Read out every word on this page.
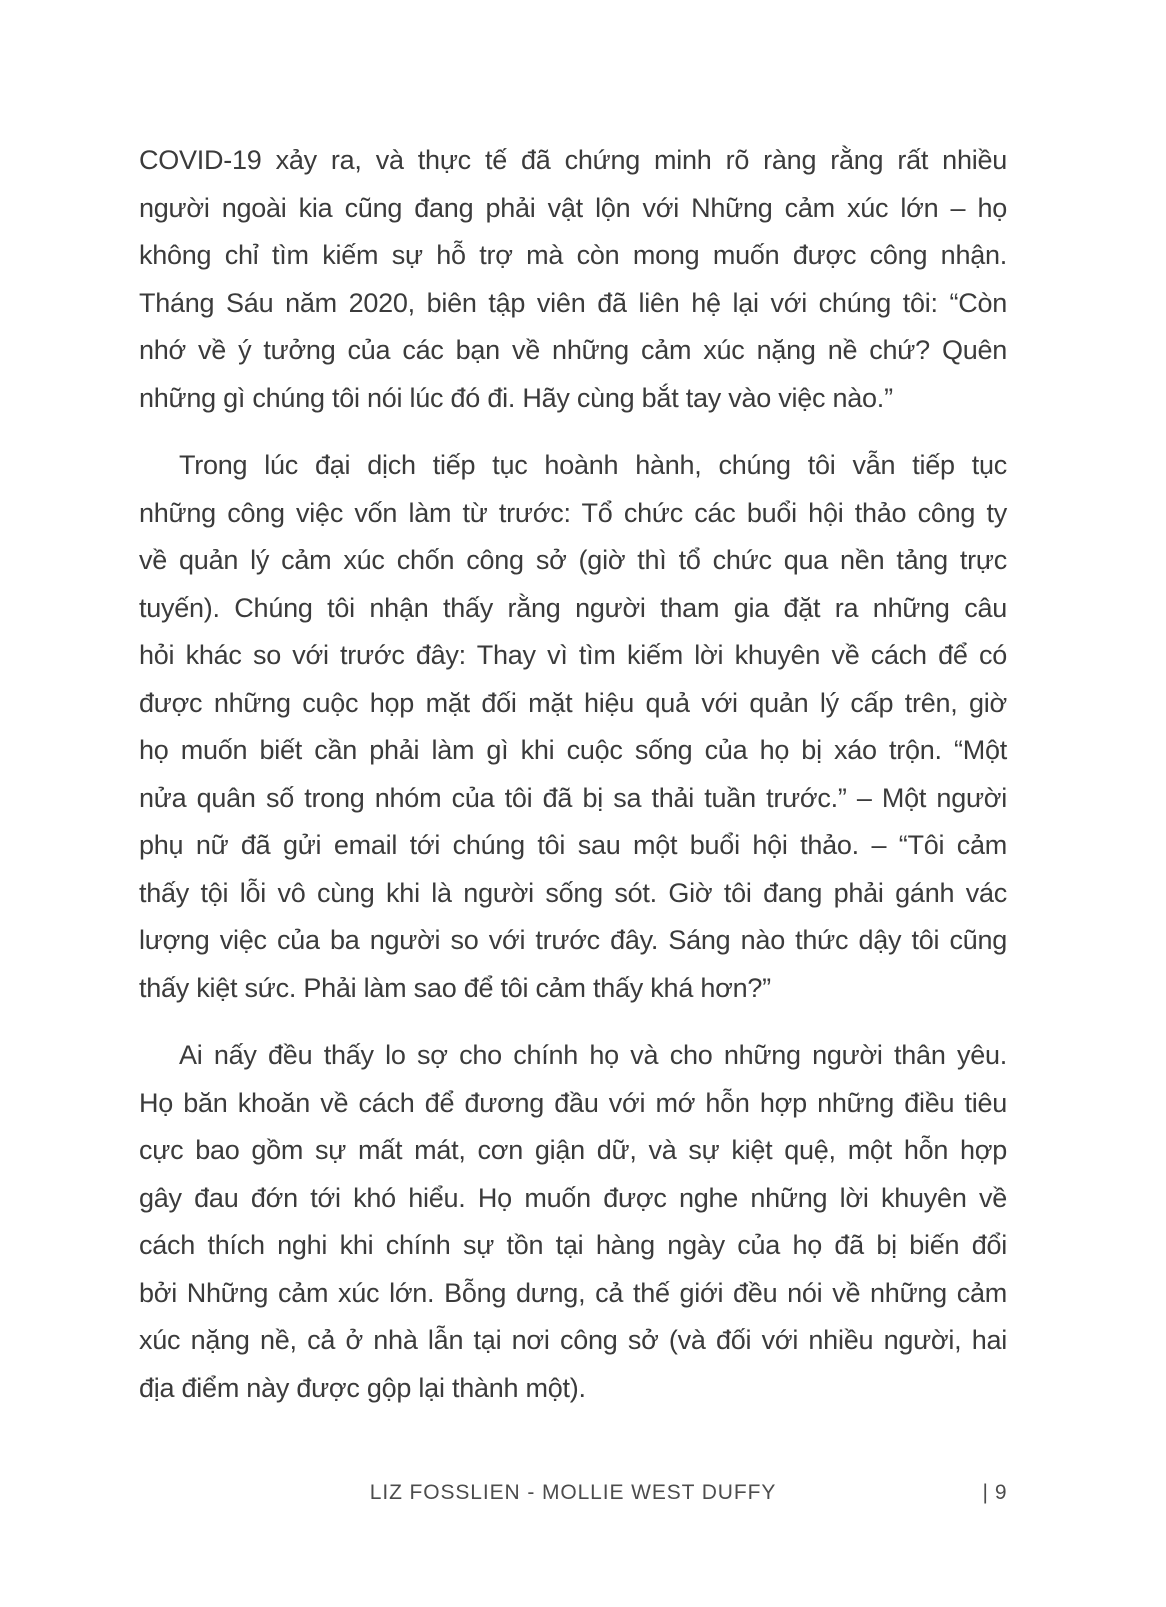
COVID-19 xảy ra, và thực tế đã chứng minh rõ ràng rằng rất nhiều
người ngoài kia cũng đang phải vật lộn với Những cảm xúc lớn – họ
không chỉ tìm kiếm sự hỗ trợ mà còn mong muốn được công nhận.
Tháng Sáu năm 2020, biên tập viên đã liên hệ lại với chúng tôi: “Còn
nhớ về ý tưởng của các bạn về những cảm xúc nặng nề chứ? Quên
những gì chúng tôi nói lúc đó đi. Hãy cùng bắt tay vào việc nào.”
Trong lúc đại dịch tiếp tục hoành hành, chúng tôi vẫn tiếp tục
những công việc vốn làm từ trước: Tổ chức các buổi hội thảo công ty
về quản lý cảm xúc chốn công sở (giờ thì tổ chức qua nền tảng trực
tuyến). Chúng tôi nhận thấy rằng người tham gia đặt ra những câu
hỏi khác so với trước đây: Thay vì tìm kiếm lời khuyên về cách để có
được những cuộc họp mặt đối mặt hiệu quả với quản lý cấp trên, giờ
họ muốn biết cần phải làm gì khi cuộc sống của họ bị xáo trộn. “Một
nửa quân số trong nhóm của tôi đã bị sa thải tuần trước.” – Một người
phụ nữ đã gửi email tới chúng tôi sau một buổi hội thảo. – “Tôi cảm
thấy tội lỗi vô cùng khi là người sống sót. Giờ tôi đang phải gánh vác
lượng việc của ba người so với trước đây. Sáng nào thức dậy tôi cũng
thấy kiệt sức. Phải làm sao để tôi cảm thấy khá hơn?”
Ai nấy đều thấy lo sợ cho chính họ và cho những người thân yêu.
Họ băn khoăn về cách để đương đầu với mớ hỗn hợp những điều tiêu
cực bao gồm sự mất mát, cơn giận dữ, và sự kiệt quệ, một hỗn hợp
gây đau đớn tới khó hiểu. Họ muốn được nghe những lời khuyên về
cách thích nghi khi chính sự tồn tại hàng ngày của họ đã bị biến đổi
bởi Những cảm xúc lớn. Bỗng dưng, cả thế giới đều nói về những cảm
xúc nặng nề, cả ở nhà lẫn tại nơi công sở (và đối với nhiều người, hai
địa điểm này được gộp lại thành một).
LIZ FOSSLIEN - MOLLIE WEST DUFFY	| 9
